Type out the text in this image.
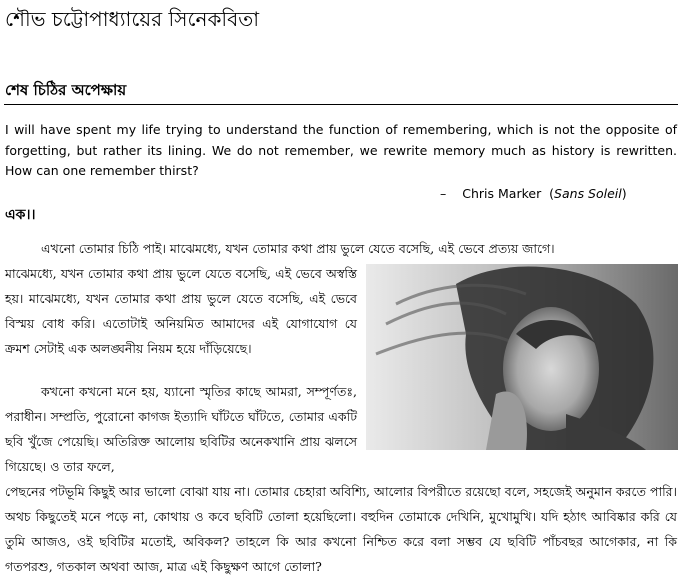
শৌভ চট্টোপাধ্যায়ের সিনেকবিতা
শেষ চিঠির অপেক্ষায়
I will have spent my life trying to understand the function of remembering, which is not the opposite of forgetting, but rather its lining. We do not remember, we rewrite memory much as history is rewritten. How can one remember thirst?
– Chris Marker  (Sans Soleil)
এক।।
এখনো তোমার চিঠি পাই। মাঝেমধ্যে, যখন তোমার কথা প্রায় ভুলে যেতে বসেছি, এই ভেবে প্রত্যয় জাগে।
মাঝেমধ্যে, যখন তোমার কথা প্রায় ভুলে যেতে বসেছি, এই ভেবে অস্বস্তি হয়। মাঝেমধ্যে, যখন তোমার কথা প্রায় ভুলে যেতে বসেছি, এই ভেবে বিস্ময় বোধ করি। এতোটাই অনিয়মিত আমাদের এই যোগাযোগ যে ক্রমশ সেটাই এক অলঙ্ঘনীয় নিয়ম হয়ে দাঁড়িয়েছে।
কখনো কখনো মনে হয়, য্যানো স্মৃতির কাছে আমরা, সম্পূর্ণতঃ, পরাধীন। সম্প্রতি, পুরোনো কাগজ ইত্যাদি ঘাঁটতে ঘাঁটতে, তোমার একটি ছবি খুঁজে পেয়েছি। অতিরিক্ত আলোয় ছবিটির অনেকখানি প্রায় ঝলসে গিয়েছে। ও তার ফলে,
পেছনের পটভূমি কিছুই আর ভালো বোঝা যায় না। তোমার চেহারা অবিশ্যি, আলোর বিপরীতে রয়েছো বলে, সহজেই অনুমান করতে পারি। অথচ কিছুতেই মনে পড়ে না, কোথায় ও কবে ছবিটি তোলা হয়েছিলো। বহুদিন তোমাকে দেখিনি, মুখোমুখি। যদি হঠাৎ আবিষ্কার করি যে তুমি আজও, ওই ছবিটির মতোই, অবিকল? তাহলে কি আর কখনো নিশ্চিত করে বলা সম্ভব যে ছবিটি পাঁচবছর আগেকার, না কি গতপরশু, গতকাল অথবা আজ, মাত্র এই কিছুক্ষণ আগে তোলা?
